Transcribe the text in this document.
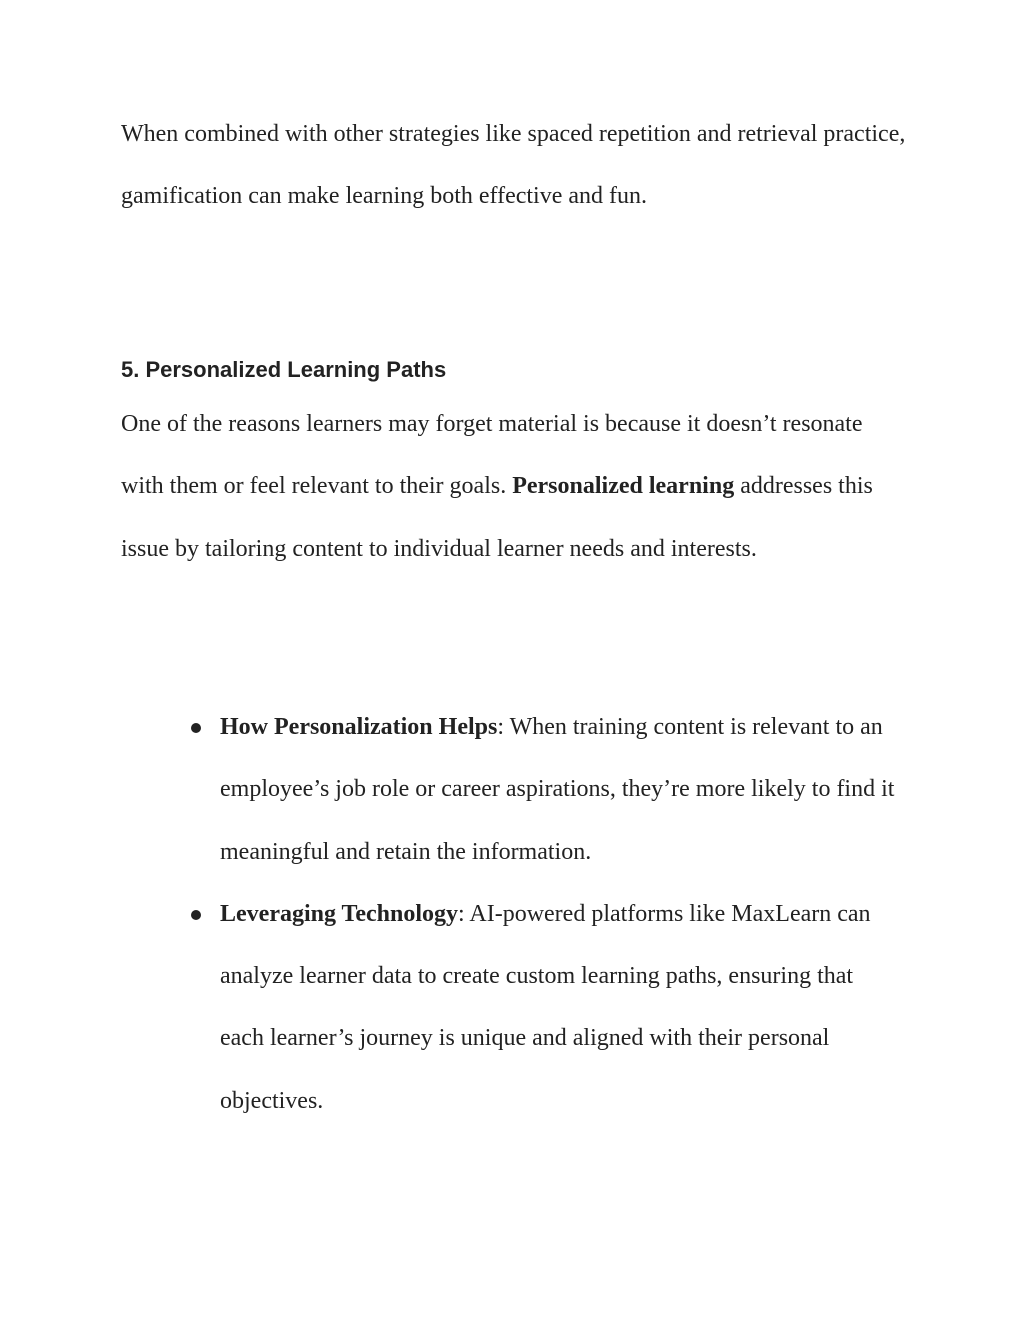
When combined with other strategies like spaced repetition and retrieval practice, gamification can make learning both effective and fun.

5. Personalized Learning Paths

One of the reasons learners may forget material is because it doesn’t resonate with them or feel relevant to their goals. Personalized learning addresses this issue by tailoring content to individual learner needs and interests.

How Personalization Helps: When training content is relevant to an employee’s job role or career aspirations, they’re more likely to find it meaningful and retain the information.
Leveraging Technology: AI-powered platforms like MaxLearn can analyze learner data to create custom learning paths, ensuring that each learner’s journey is unique and aligned with their personal objectives.
